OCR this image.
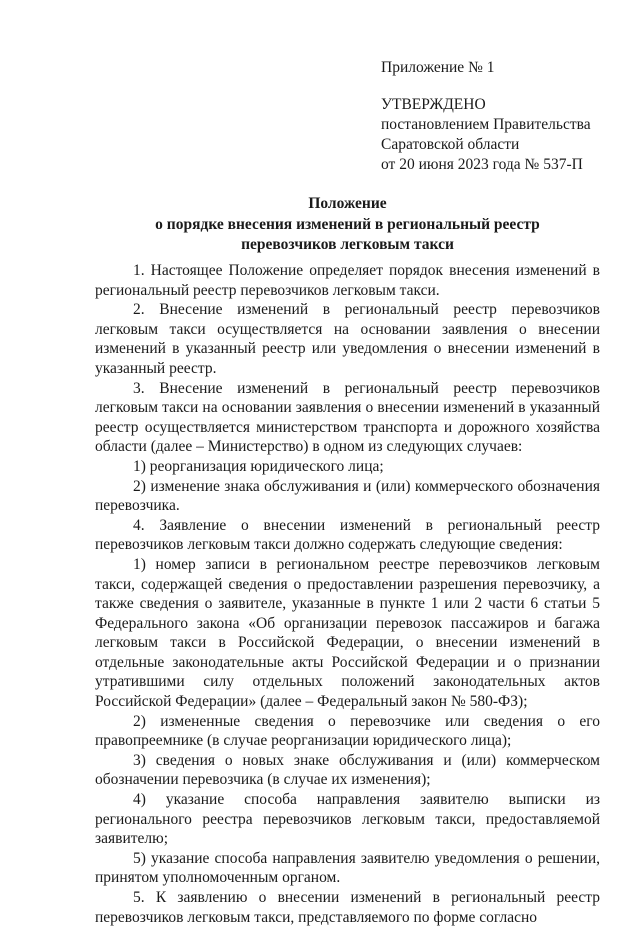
Приложение № 1
УТВЕРЖДЕНО
постановлением Правительства
Саратовской области
от 20 июня 2023 года № 537-П
Положение
о порядке внесения изменений в региональный реестр
перевозчиков легковым такси

1. Настоящее Положение определяет порядок внесения изменений в региональный реестр перевозчиков легковым такси.

2. Внесение изменений в региональный реестр перевозчиков легковым такси осуществляется на основании заявления о внесении изменений в указанный реестр или уведомления о внесении изменений в указанный реестр.

3. Внесение изменений в региональный реестр перевозчиков легковым такси на основании заявления о внесении изменений в указанный реестр осуществляется министерством транспорта и дорожного хозяйства области (далее – Министерство) в одном из следующих случаев:

1) реорганизация юридического лица;

2) изменение знака обслуживания и (или) коммерческого обозначения перевозчика.

4. Заявление о внесении изменений в региональный реестр перевозчиков легковым такси должно содержать следующие сведения:

1) номер записи в региональном реестре перевозчиков легковым такси, содержащей сведения о предоставлении разрешения перевозчику, а также сведения о заявителе, указанные в пункте 1 или 2 части 6 статьи 5 Федерального закона «Об организации перевозок пассажиров и багажа легковым такси в Российской Федерации, о внесении изменений в отдельные законодательные акты Российской Федерации и о признании утратившими силу отдельных положений законодательных актов Российской Федерации» (далее – Федеральный закон № 580-ФЗ);

2) измененные сведения о перевозчике или сведения о его правопреемнике (в случае реорганизации юридического лица);

3) сведения о новых знаке обслуживания и (или) коммерческом обозначении перевозчика (в случае их изменения);

4) указание способа направления заявителю выписки из регионального реестра перевозчиков легковым такси, предоставляемой заявителю;

5) указание способа направления заявителю уведомления о решении, принятом уполномоченным органом.

5. К заявлению о внесении изменений в региональный реестр перевозчиков легковым такси, представляемого по форме согласно
